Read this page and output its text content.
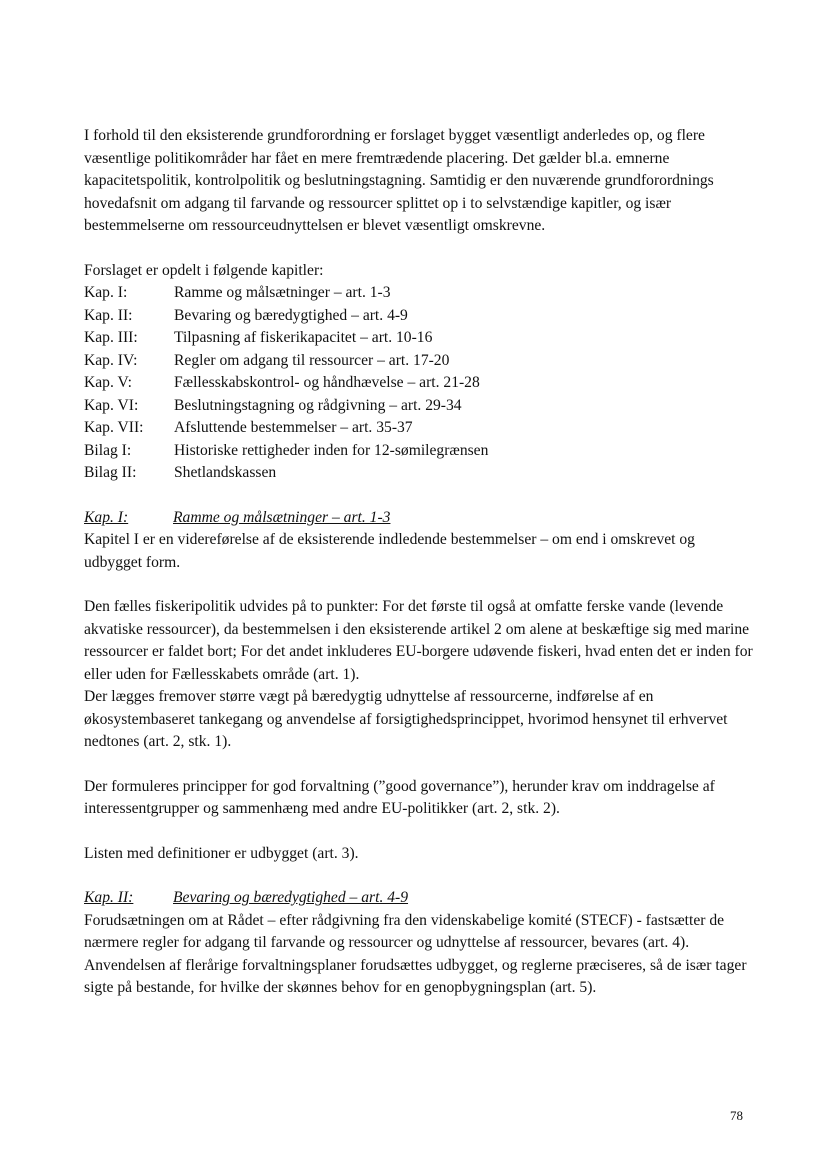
I forhold til den eksisterende grundforordning er forslaget bygget væsentligt anderledes op, og flere væsentlige politikområder har fået en mere fremtrædende placering. Det gælder bl.a. emnerne kapacitetspolitik, kontrolpolitik og beslutningstagning. Samtidig er den nuværende grundforordnings hovedafsnit om adgang til farvande og ressourcer splittet op i to selvstændige kapitler, og især bestemmelserne om ressourceudnyttelsen er blevet væsentligt omskrevne.

Forslaget er opdelt i følgende kapitler:

Kap. I:	Ramme og målsætninger – art. 1-3
Kap. II:	Bevaring og bæredygtighed – art. 4-9
Kap. III:	Tilpasning af fiskerikapacitet – art. 10-16
Kap. IV:	Regler om adgang til ressourcer – art. 17-20
Kap. V:	Fællesskabskontrol- og håndhævelse – art. 21-28
Kap. VI:	Beslutningstagning og rådgivning – art. 29-34
Kap. VII:	Afsluttende bestemmelser – art. 35-37
Bilag I:	Historiske rettigheder inden for 12-sømilegrænsen
Bilag II:	Shetlandskassen
Kap. I:	Ramme og målsætninger – art. 1-3

Kapitel I er en videreførelse af de eksisterende indledende bestemmelser – om end i omskrevet og udbygget form.

Den fælles fiskeripolitik udvides på to punkter: For det første til også at omfatte ferske vande (levende akvatiske ressourcer), da bestemmelsen i den eksisterende artikel 2 om alene at beskæftige sig med marine ressourcer er faldet bort; For det andet inkluderes EU-borgere udøvende fiskeri, hvad enten det er inden for eller uden for Fællesskabets område (art. 1).

Der lægges fremover større vægt på bæredygtig udnyttelse af ressourcerne, indførelse af en økosystembaseret tankegang og anvendelse af forsigtighedsprincippet, hvorimod hensynet til erhvervet nedtones (art. 2, stk. 1).

Der formuleres principper for god forvaltning (”good governance”), herunder krav om inddragelse af interessentgrupper og sammenhæng med andre EU-politikker (art. 2, stk. 2).

Listen med definitioner er udbygget (art. 3).

Kap. II:	Bevaring og bæredygtighed – art. 4-9

Forudsætningen om at Rådet – efter rådgivning fra den videnskabelige komité (STECF) - fastsætter de nærmere regler for adgang til farvande og ressourcer og udnyttelse af ressourcer, bevares (art. 4). Anvendelsen af flerårige forvaltningsplaner forudsættes udbygget, og reglerne præciseres, så de især tager sigte på bestande, for hvilke der skønnes behov for en genopbygningsplan (art. 5).

78
